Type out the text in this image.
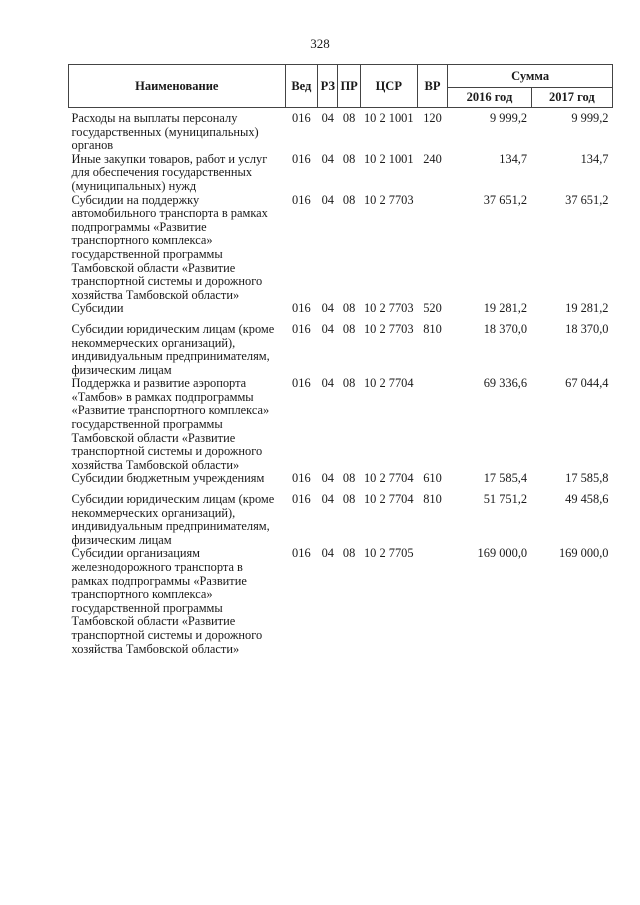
328
Наименование	Вед	РЗ	ПР	ЦСР	ВР	Сумма	
						2016 год	2017 год
Расходы на выплаты персоналу государственных (муниципальных) органов	016	04	08	10 2 1001	120	9 999,2	9 999,2
Иные закупки товаров, работ и услуг для обеспечения государственных (муниципальных) нужд	016	04	08	10 2 1001	240	134,7	134,7
Субсидии на поддержку автомобильного транспорта в рамках подпрограммы «Развитие транспортного комплекса» государственной программы Тамбовской области «Развитие транспортной системы и дорожного хозяйства Тамбовской области»	016	04	08	10 2 7703		37 651,2	37 651,2
Субсидии	016	04	08	10 2 7703	520	19 281,2	19 281,2
Субсидии юридическим лицам (кроме некоммерческих организаций), индивидуальным предпринимателям, физическим лицам	016	04	08	10 2 7703	810	18 370,0	18 370,0
Поддержка и развитие аэропорта «Тамбов» в рамках подпрограммы «Развитие транспортного комплекса» государственной программы Тамбовской области «Развитие транспортной системы и дорожного хозяйства Тамбовской области»	016	04	08	10 2 7704		69 336,6	67 044,4
Субсидии бюджетным учреждениям	016	04	08	10 2 7704	610	17 585,4	17 585,8
Субсидии юридическим лицам (кроме некоммерческих организаций), индивидуальным предпринимателям, физическим лицам	016	04	08	10 2 7704	810	51 751,2	49 458,6
Субсидии организациям железнодорожного транспорта в рамках подпрограммы «Развитие транспортного комплекса» государственной программы Тамбовской области «Развитие транспортной системы и дорожного хозяйства Тамбовской области»	016	04	08	10 2 7705		169 000,0	169 000,0
